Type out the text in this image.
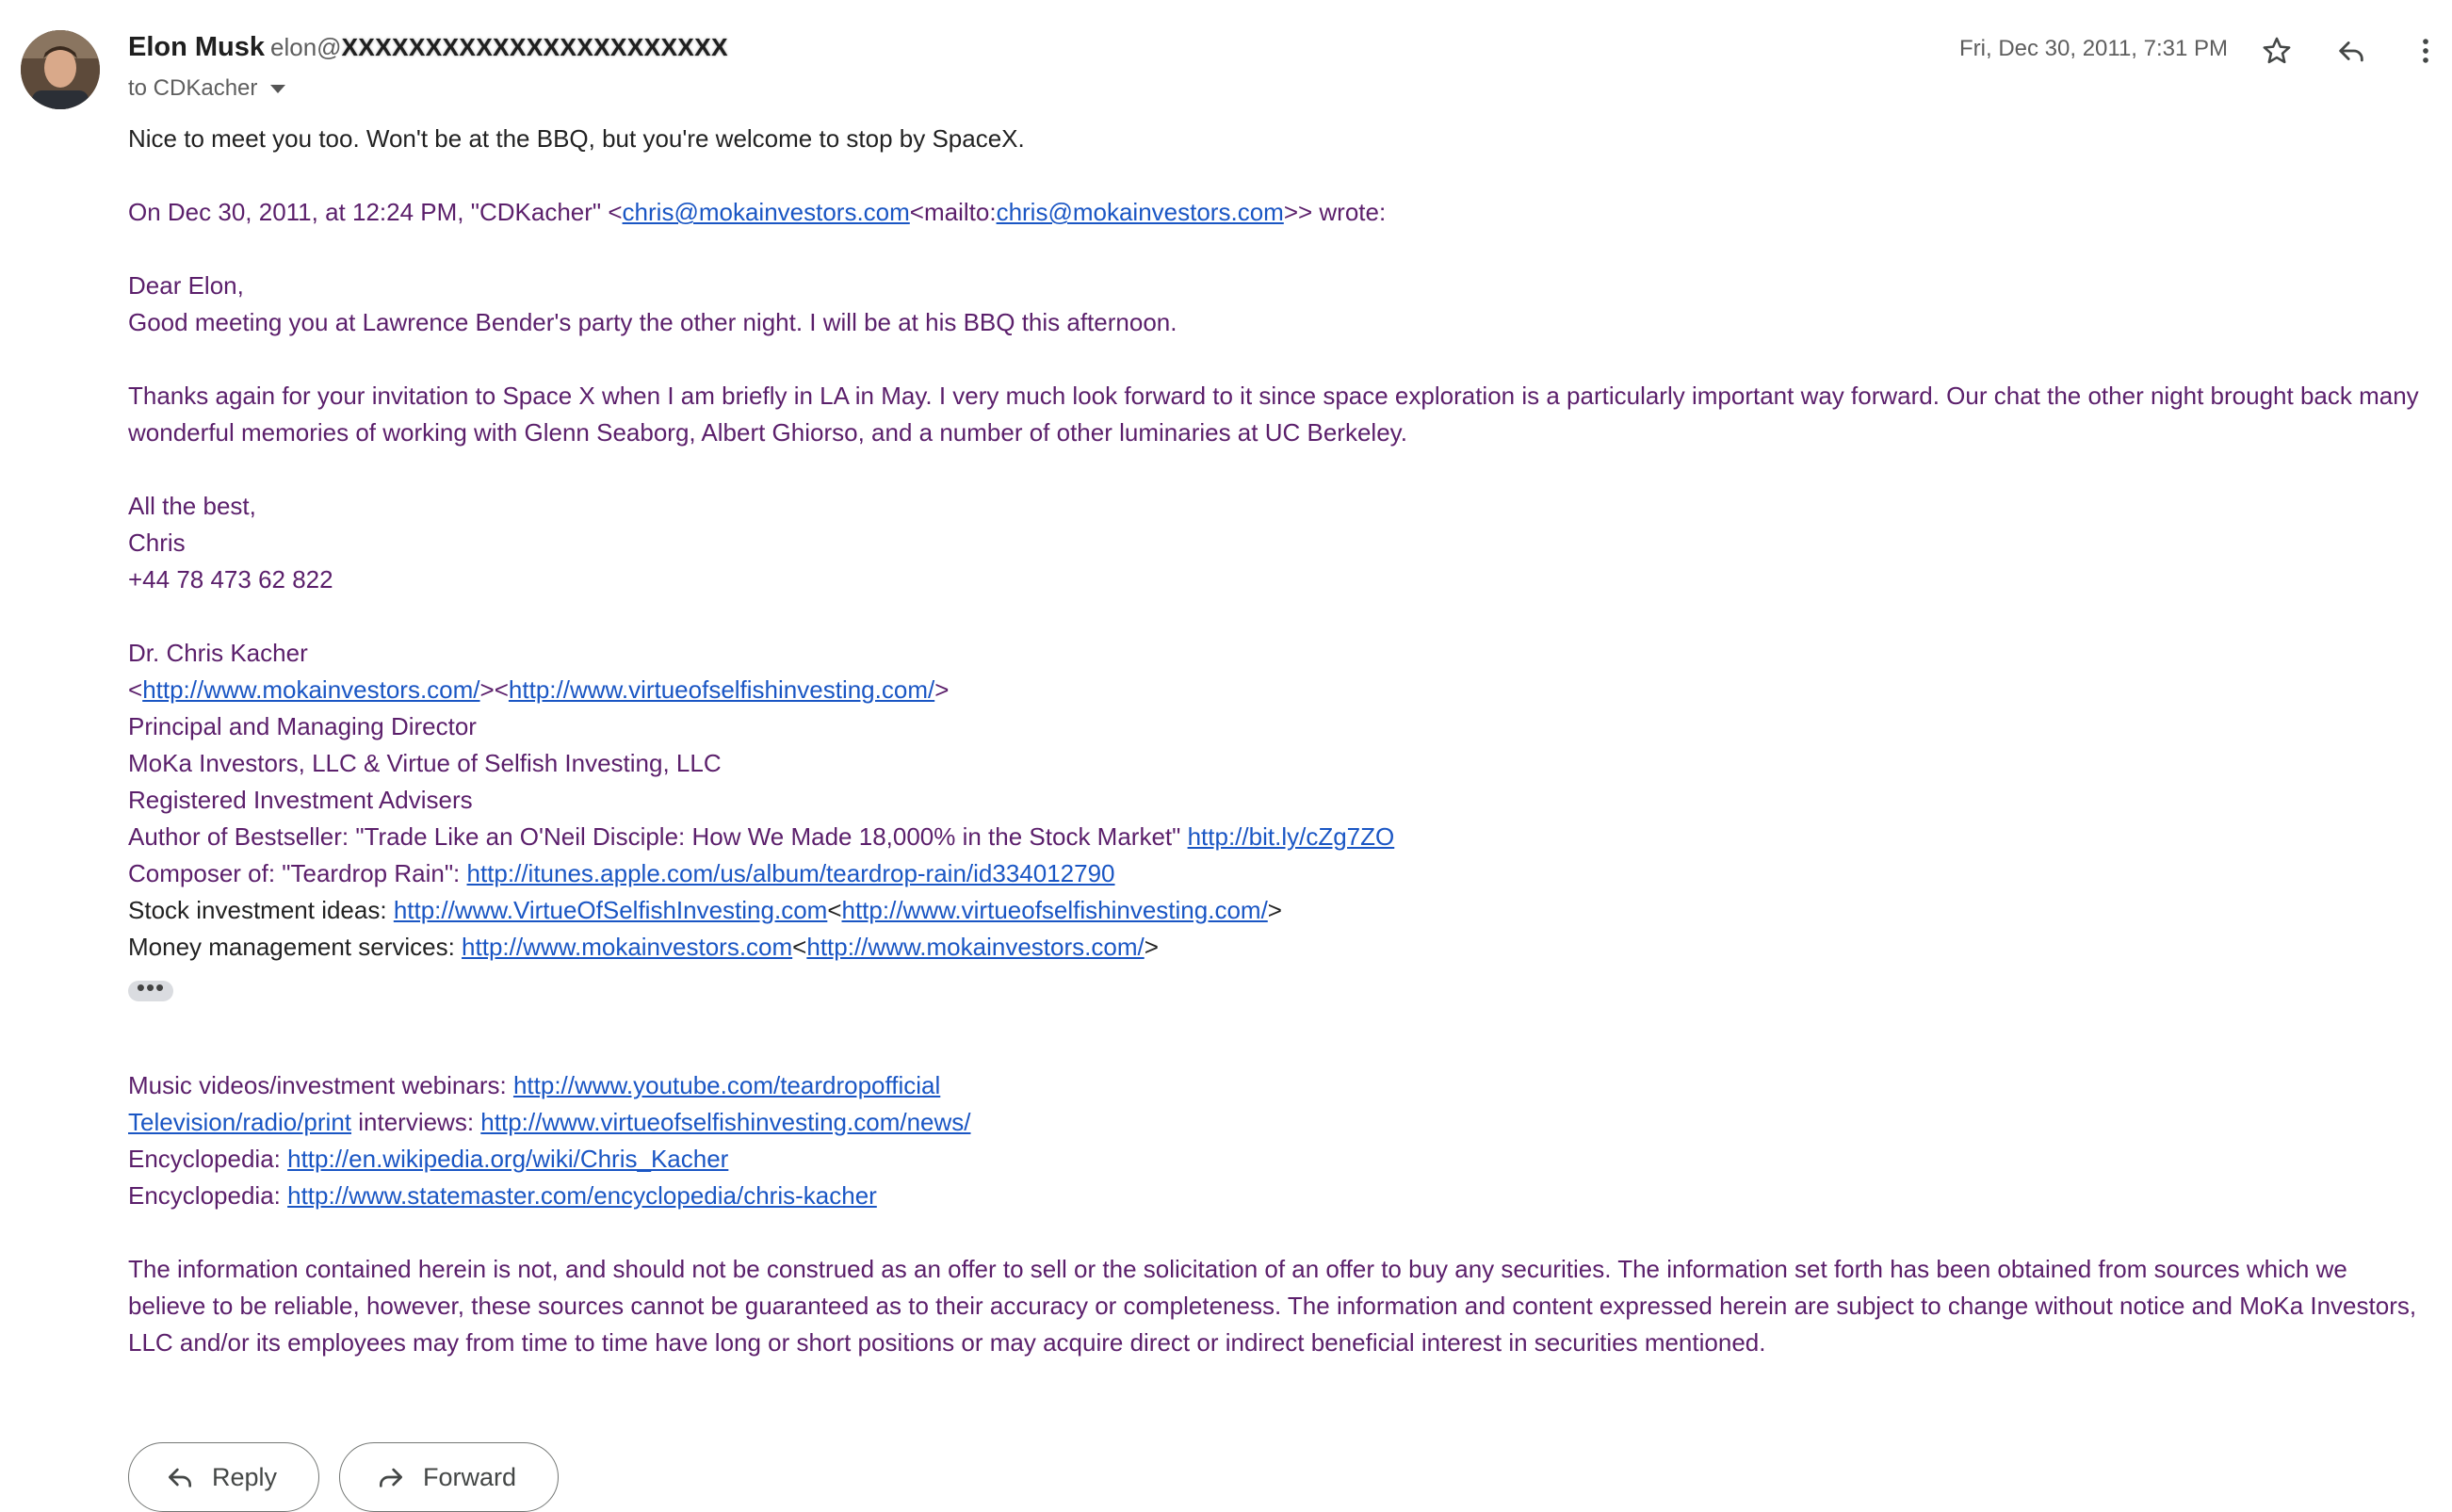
Elon Musk elon@XXXXXXXXXXXXXXXXXXXXXXX
to CDKacher
Fri, Dec 30, 2011, 7:31 PM

Nice to meet you too. Won't be at the BBQ, but you're welcome to stop by SpaceX.

On Dec 30, 2011, at 12:24 PM, "CDKacher" <chris@mokainvestors.com<mailto:chris@mokainvestors.com>> wrote:

Dear Elon,

Good meeting you at Lawrence Bender's party the other night. I will be at his BBQ this afternoon.

Thanks again for your invitation to Space X when I am briefly in LA in May. I very much look forward to it since space exploration is a particularly important way forward. Our chat the other night brought back many wonderful memories of working with Glenn Seaborg, Albert Ghiorso, and a number of other luminaries at UC Berkeley.

All the best,

Chris

+44 78 473 62 822

Dr. Chris Kacher

<http://www.mokainvestors.com/><http://www.virtueofselfishinvesting.com/>

Principal and Managing Director

MoKa Investors, LLC & Virtue of Selfish Investing, LLC

Registered Investment Advisers

Author of Bestseller: "Trade Like an O'Neil Disciple: How We Made 18,000% in the Stock Market" http://bit.ly/cZg7ZO

Composer of: "Teardrop Rain": http://itunes.apple.com/us/album/teardrop-rain/id334012790

Stock investment ideas: http://www.VirtueOfSelfishInvesting.com<http://www.virtueofselfishinvesting.com/>

Money management services: http://www.mokainvestors.com<http://www.mokainvestors.com/>

•••

Music videos/investment webinars: http://www.youtube.com/teardropofficial

Television/radio/print interviews: http://www.virtueofselfishinvesting.com/news/

Encyclopedia: http://en.wikipedia.org/wiki/Chris_Kacher

Encyclopedia: http://www.statemaster.com/encyclopedia/chris-kacher

The information contained herein is not, and should not be construed as an offer to sell or the solicitation of an offer to buy any securities. The information set forth has been obtained from sources which we believe to be reliable, however, these sources cannot be guaranteed as to their accuracy or completeness. The information and content expressed herein are subject to change without notice and MoKa Investors, LLC and/or its employees may from time to time have long or short positions or may acquire direct or indirect beneficial interest in securities mentioned.

Reply	Forward
